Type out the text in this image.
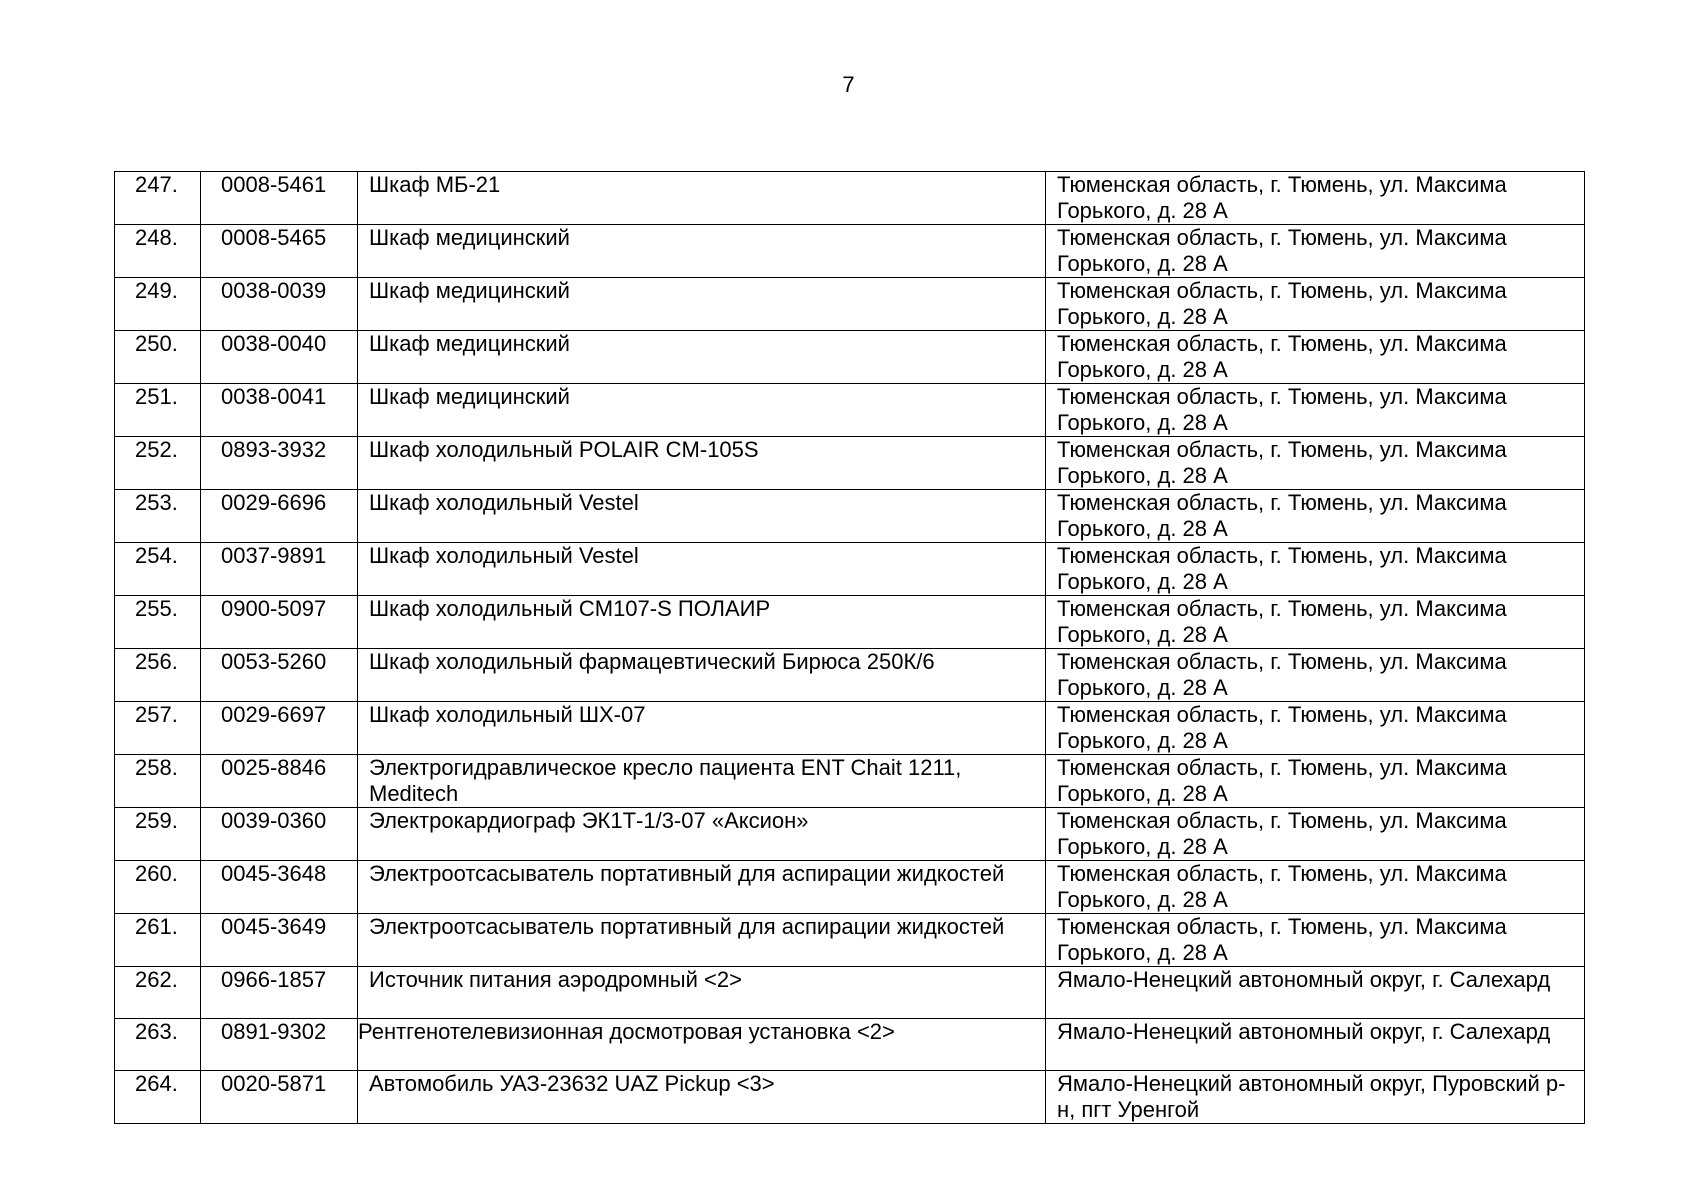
7
247.	0008-5461	Шкаф МБ-21	Тюменская область, г. Тюмень, ул. Максима Горького, д. 28 А

248.	0008-5465	Шкаф медицинский	Тюменская область, г. Тюмень, ул. Максима Горького, д. 28 А

249.	0038-0039	Шкаф медицинский	Тюменская область, г. Тюмень, ул. Максима Горького, д. 28 А

250.	0038-0040	Шкаф медицинский	Тюменская область, г. Тюмень, ул. Максима Горького, д. 28 А

251.	0038-0041	Шкаф медицинский	Тюменская область, г. Тюмень, ул. Максима Горького, д. 28 А

252.	0893-3932	Шкаф холодильный POLAIR CM-105S	Тюменская область, г. Тюмень, ул. Максима Горького, д. 28 А

253.	0029-6696	Шкаф холодильный Vestel	Тюменская область, г. Тюмень, ул. Максима Горького, д. 28 А

254.	0037-9891	Шкаф холодильный Vestel	Тюменская область, г. Тюмень, ул. Максима Горького, д. 28 А

255.	0900-5097	Шкаф холодильный CM107-S ПОЛАИР	Тюменская область, г. Тюмень, ул. Максима Горького, д. 28 А

256.	0053-5260	Шкаф холодильный фармацевтический Бирюса 250К/6	Тюменская область, г. Тюмень, ул. Максима Горького, д. 28 А

257.	0029-6697	Шкаф холодильный ШХ-07	Тюменская область, г. Тюмень, ул. Максима Горького, д. 28 А

258.	0025-8846	Электрогидравлическое кресло пациента ENT Chait 1211, Meditech	Тюменская область, г. Тюмень, ул. Максима Горького, д. 28 А

259.	0039-0360	Электрокардиограф ЭК1Т-1/3-07 «Аксион»	Тюменская область, г. Тюмень, ул. Максима Горького, д. 28 А

260.	0045-3648	Электроотсасыватель портативный для аспирации жидкостей	Тюменская область, г. Тюмень, ул. Максима Горького, д. 28 А

261.	0045-3649	Электроотсасыватель портативный для аспирации жидкостей	Тюменская область, г. Тюмень, ул. Максима Горького, д. 28 А

262.	0966-1857	Источник питания аэродромный <2>	Ямало-Ненецкий автономный округ, г. Салехард

263.	0891-9302	Рентгенотелевизионная досмотровая установка <2>	Ямало-Ненецкий автономный округ, г. Салехард

264.	0020-5871	Автомобиль УАЗ-23632 UAZ Pickup <3>	Ямало-Ненецкий автономный округ, Пуровский р-н, пгт Уренгой
